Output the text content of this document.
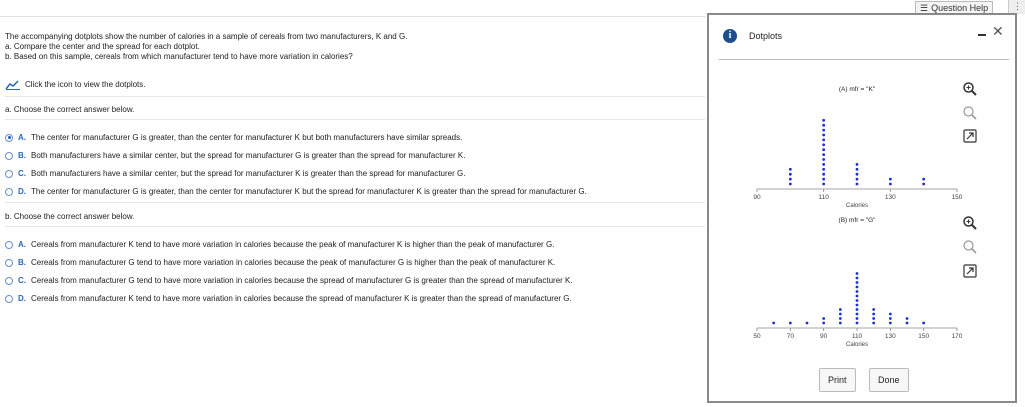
☰ Question Help	⋮
The accompanying dotplots show the number of calories in a sample of cereals from two manufacturers, K and G.
a. Compare the center and the spread for each dotplot.
b. Based on this sample, cereals from which manufacturer tend to have more variation in calories?
Click the icon to view the dotplots.
a. Choose the correct answer below.
A. The center for manufacturer G is greater, than the center for manufacturer K but both manufacturers have similar spreads.
B. Both manufacturers have a similar center, but the spread for manufacturer G is greater than the spread for manufacturer K.
C. Both manufacturers have a similar center, but the spread for manufacturer K is greater than the spread for manufacturer G.
D. The center for manufacturer G is greater, than the center for manufacturer K but the spread for manufacturer K is greater than the spread for manufacturer G.
b. Choose the correct answer below.
A. Cereals from manufacturer K tend to have more variation in calories because the peak of manufacturer K is higher than the peak of manufacturer G.
B. Cereals from manufacturer G tend to have more variation in calories because the peak of manufacturer G is higher than the peak of manufacturer K.
C. Cereals from manufacturer G tend to have more variation in calories because the spread of manufacturer G is greater than the spread of manufacturer K.
D. Cereals from manufacturer K tend to have more variation in calories because the spread of manufacturer K is greater than the spread of manufacturer G.
i	Dotplots	✕
(A) mfr = "K"
90	110	130	150
Calories
(B) mfr = "G"
50	70	90	110	130	150	170
Calories
Print	Done
